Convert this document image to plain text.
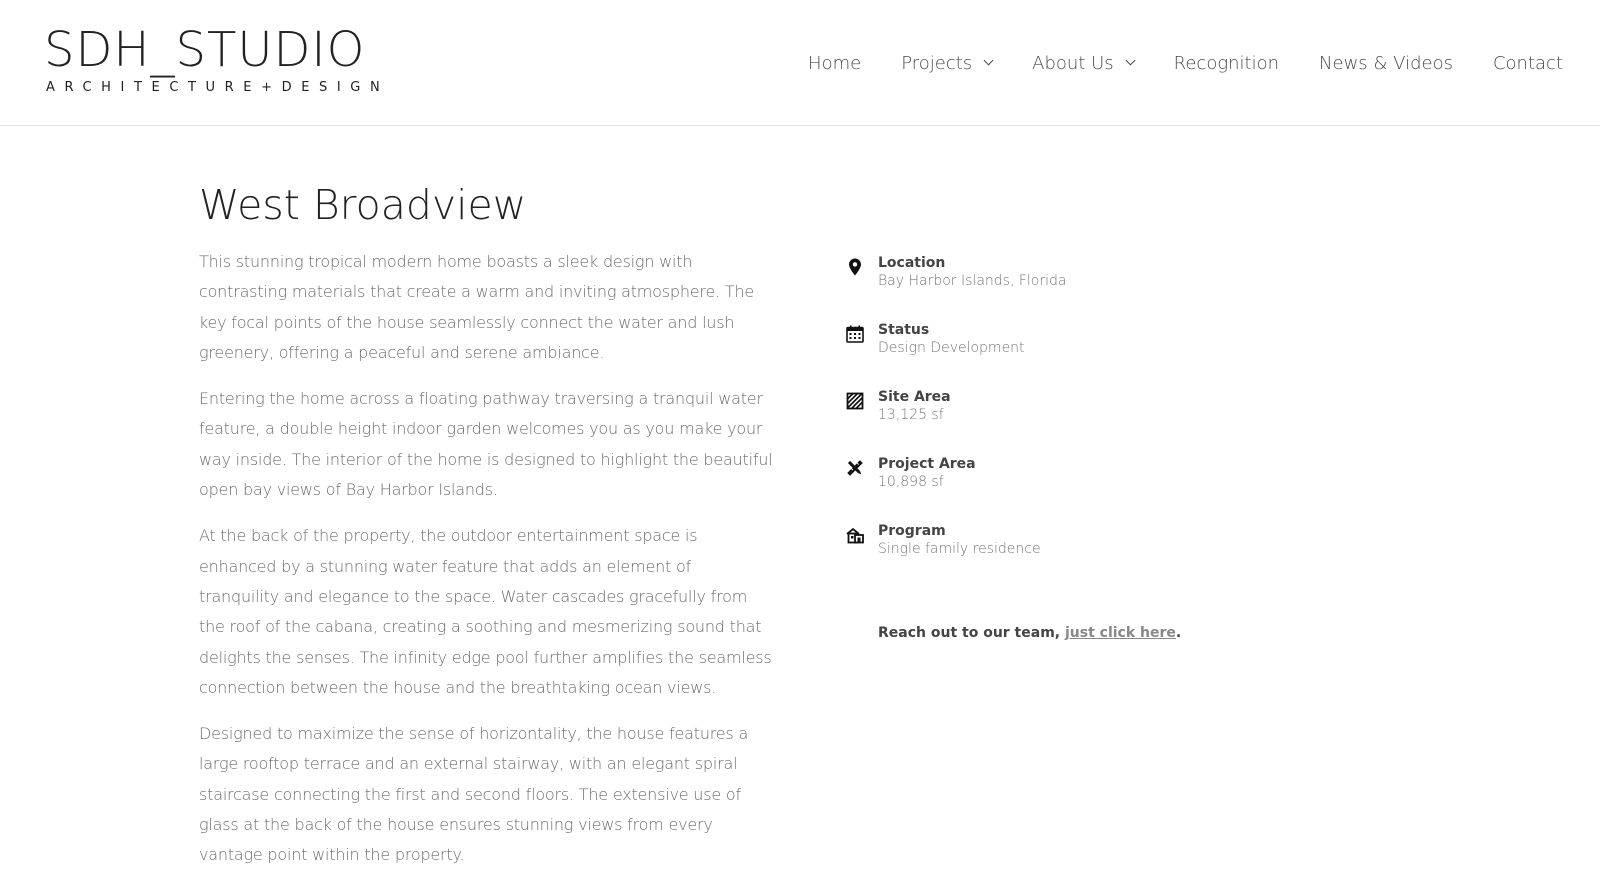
SDH_STUDIO
ARCHITECTURE+DESIGN
Home Projects	About Us	Recognition News & Videos Contact
West Broadview

This stunning tropical modern home boasts a sleek design with contrasting materials that create a warm and inviting atmosphere. The key focal points of the house seamlessly connect the water and lush greenery, offering a peaceful and serene ambiance.

Entering the home across a floating pathway traversing a tranquil water feature, a double height indoor garden welcomes you as you make your way inside. The interior of the home is designed to highlight the beautiful open bay views of Bay Harbor Islands.

At the back of the property, the outdoor entertainment space is enhanced by a stunning water feature that adds an element of tranquility and elegance to the space. Water cascades gracefully from the roof of the cabana, creating a soothing and mesmerizing sound that delights the senses. The infinity edge pool further amplifies the seamless connection between the house and the breathtaking ocean views.

Designed to maximize the sense of horizontality, the house features a large rooftop terrace and an external stairway, with an elegant spiral staircase connecting the first and second floors. The extensive use of glass at the back of the house ensures stunning views from every vantage point within the property.

Location
Bay Harbor Islands, Florida
Status
Design Development
Site Area
13,125 sf
Project Area
10,898 sf
Program
Single family residence
Reach out to our team, just click here.
